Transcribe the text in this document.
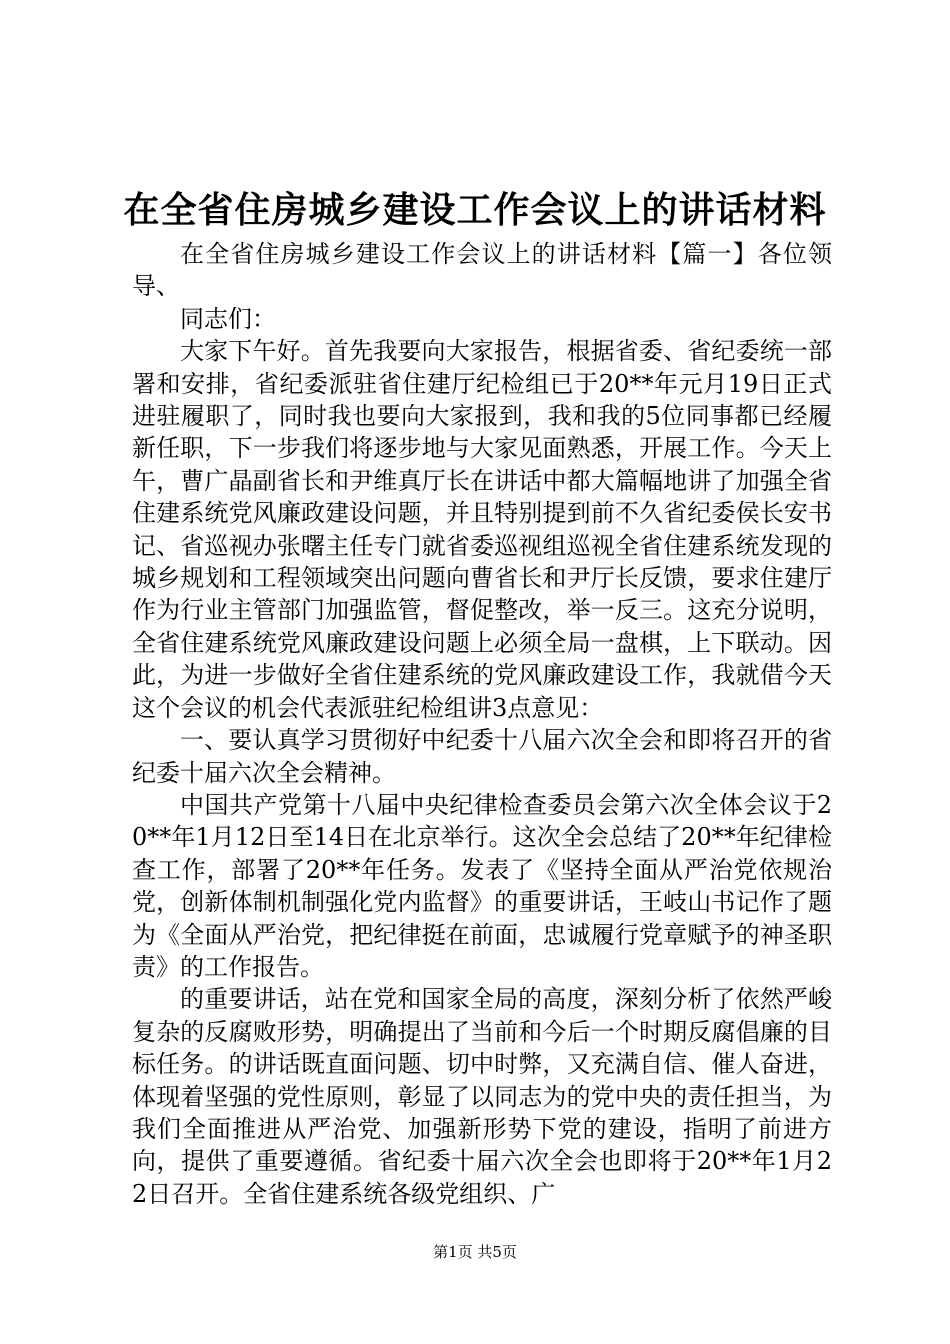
在全省住房城乡建设工作会议上的讲话材料

在全省住房城乡建设工作会议上的讲话材料【篇一】各位领导、

同志们：

大家下午好。首先我要向大家报告，根据省委、省纪委统一部署和安排，省纪委派驻省住建厅纪检组已于20**年元月19日正式进驻履职了，同时我也要向大家报到，我和我的5位同事都已经履新任职，下一步我们将逐步地与大家见面熟悉，开展工作。今天上午，曹广晶副省长和尹维真厅长在讲话中都大篇幅地讲了加强全省住建系统党风廉政建设问题，并且特别提到前不久省纪委侯长安书记、省巡视办张曙主任专门就省委巡视组巡视全省住建系统发现的城乡规划和工程领域突出问题向曹省长和尹厅长反馈，要求住建厅作为行业主管部门加强监管，督促整改，举一反三。这充分说明，全省住建系统党风廉政建设问题上必须全局一盘棋，上下联动。因此，为进一步做好全省住建系统的党风廉政建设工作，我就借今天这个会议的机会代表派驻纪检组讲3点意见：

一、要认真学习贯彻好中纪委十八届六次全会和即将召开的省纪委十届六次全会精神。

中国共产党第十八届中央纪律检查委员会第六次全体会议于20**年1月12日至14日在北京举行。这次全会总结了20**年纪律检查工作，部署了20**年任务。发表了《坚持全面从严治党依规治党，创新体制机制强化党内监督》的重要讲话，王岐山书记作了题为《全面从严治党，把纪律挺在前面，忠诚履行党章赋予的神圣职责》的工作报告。

的重要讲话，站在党和国家全局的高度，深刻分析了依然严峻复杂的反腐败形势，明确提出了当前和今后一个时期反腐倡廉的目标任务。的讲话既直面问题、切中时弊，又充满自信、催人奋进，体现着坚强的党性原则，彰显了以同志为的党中央的责任担当，为我们全面推进从严治党、加强新形势下党的建设，指明了前进方向，提供了重要遵循。省纪委十届六次全会也即将于20**年1月22日召开。全省住建系统各级党组织、广

第1页 共5页
